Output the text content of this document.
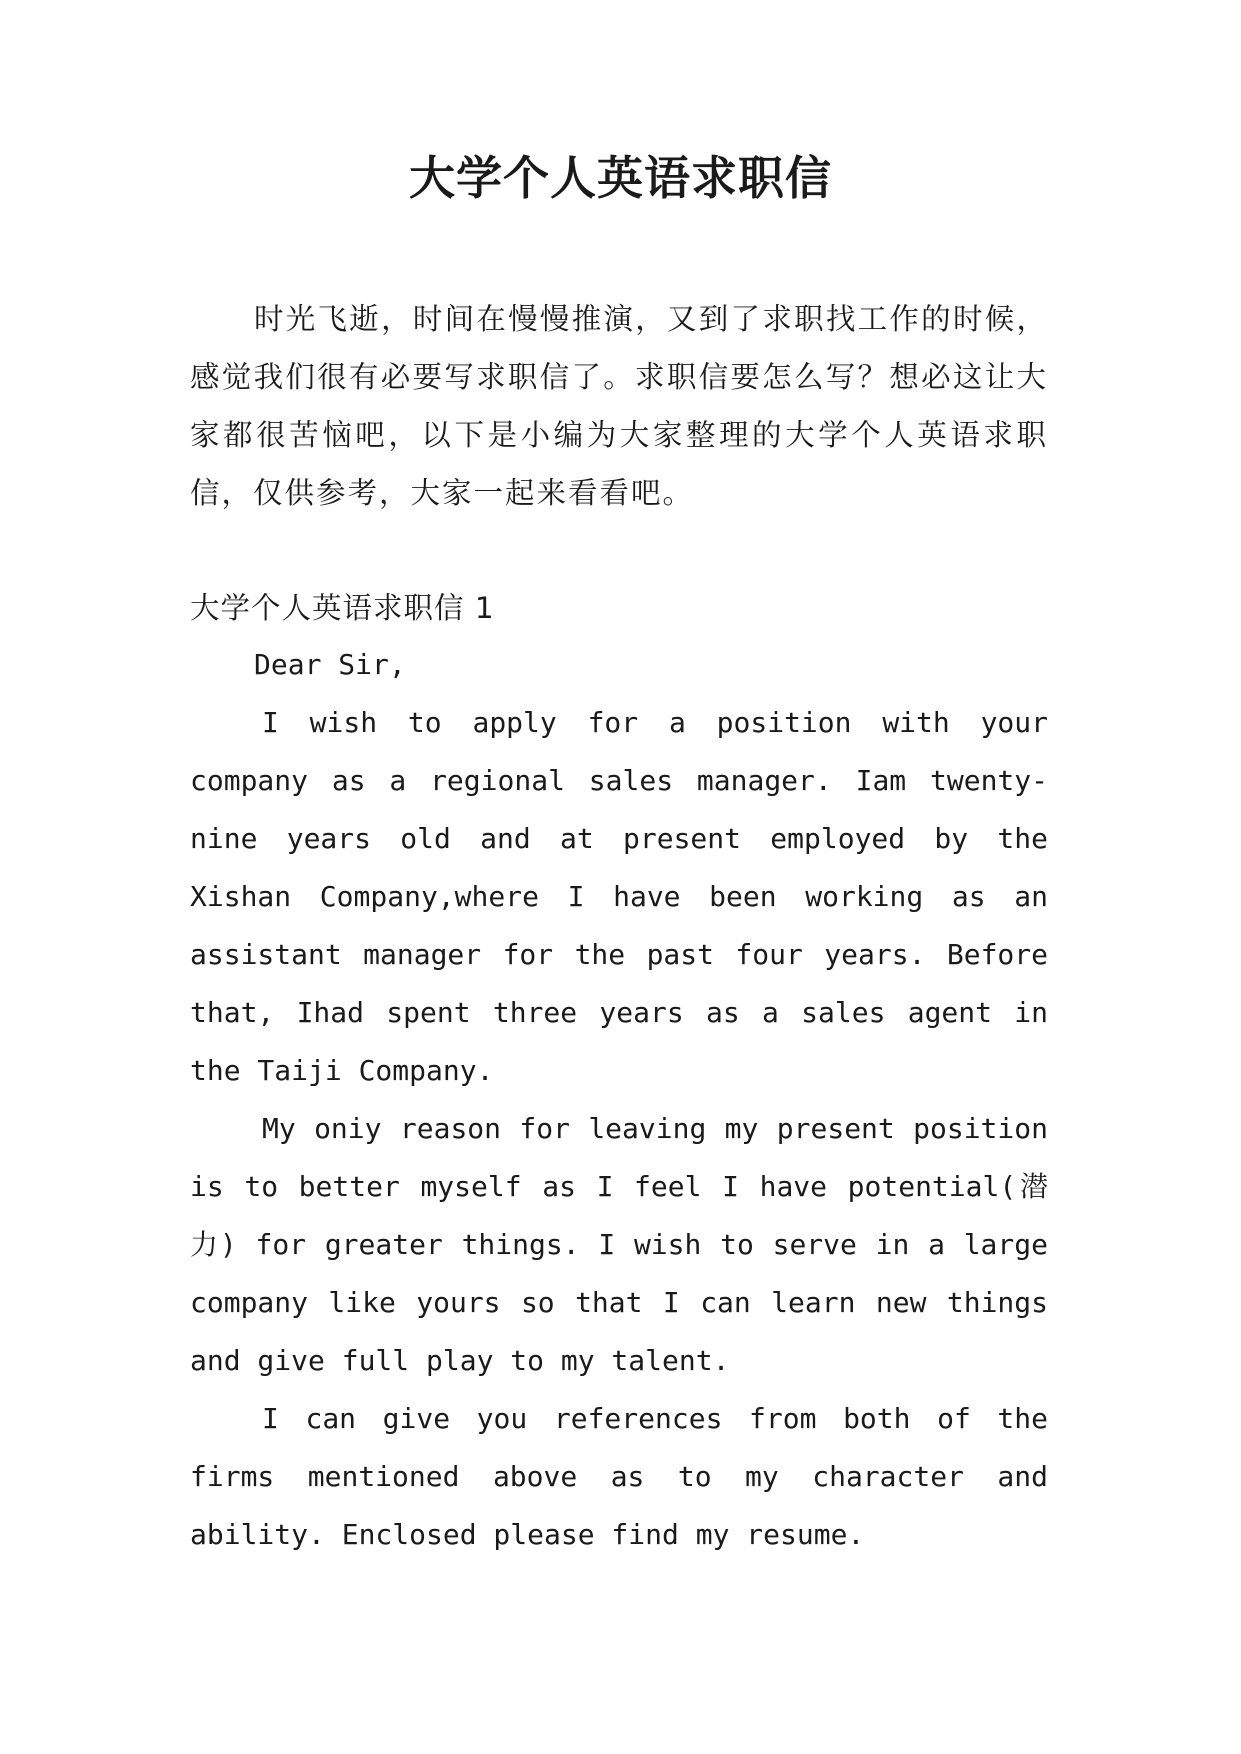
大学个人英语求职信

时光飞逝，时间在慢慢推演，又到了求职找工作的时候，感觉我们很有必要写求职信了。求职信要怎么写？想必这让大家都很苦恼吧，以下是小编为大家整理的大学个人英语求职信，仅供参考，大家一起来看看吧。

大学个人英语求职信 1

Dear Sir,

I wish to apply for a position with your company as a regional sales manager. Iam twenty-nine years old and at present employed by the Xishan Company,where I have been working as an assistant manager for the past four years. Before that, Ihad spent three years as a sales agent in the Taiji Company.

My oniy reason for leaving my present position is to better myself as I feel I have potential(潜力) for greater things. I wish to serve in a large company like yours so that I can learn new things and give full play to my talent.

I can give you references from both of the firms mentioned above as to my character and ability. Enclosed please find my resume.
